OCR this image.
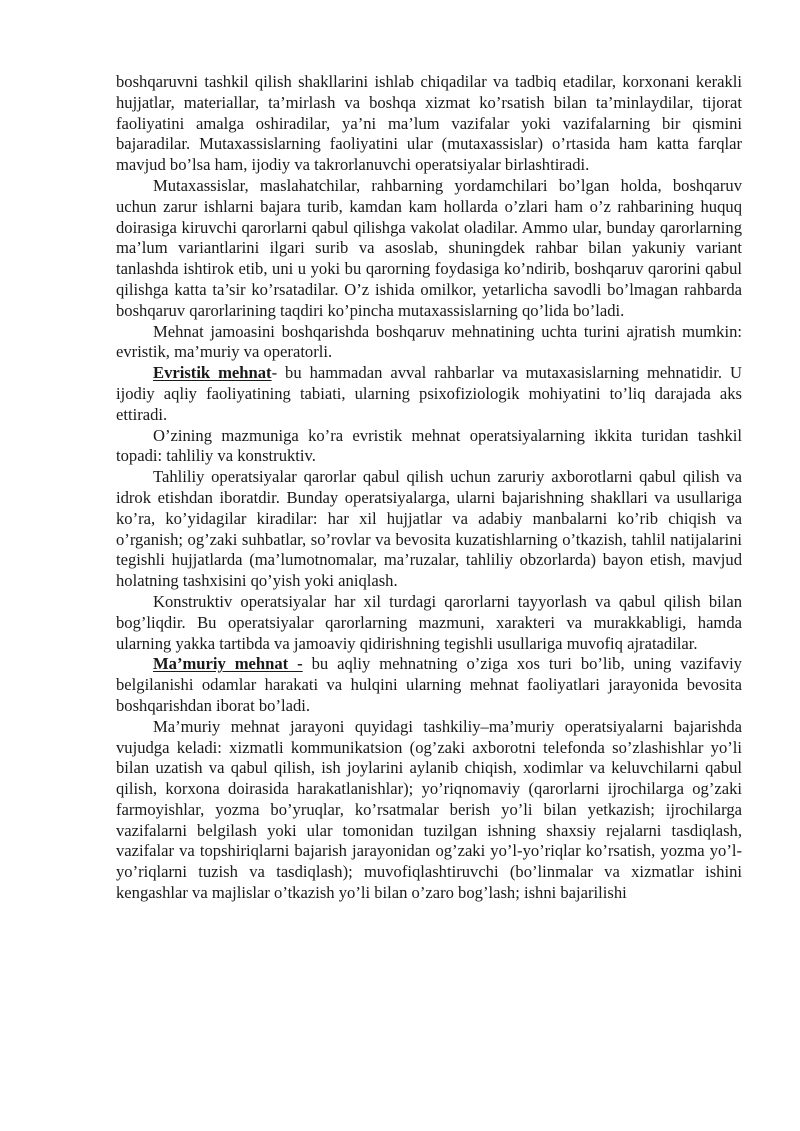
boshqaruvni tashkil qilish shakllarini ishlab chiqadilar va tadbiq etadilar, korxonani kerakli hujjatlar, materiallar, ta’mirlash va boshqa xizmat ko’rsatish bilan ta’minlaydilar, tijorat faoliyatini amalga oshiradilar, ya’ni ma’lum vazifalar yoki vazifalarning bir qismini bajaradilar. Mutaxassislarning faoliyatini ular (mutaxassislar) o’rtasida ham katta farqlar mavjud bo’lsa ham, ijodiy va takrorlanuvchi operatsiyalar birlashtiradi.

Mutaxassislar, maslahatchilar, rahbarning yordamchilari bo’lgan holda, boshqaruv uchun zarur ishlarni bajara turib, kamdan kam hollarda o’zlari ham o’z rahbarining huquq doirasiga kiruvchi qarorlarni qabul qilishga vakolat oladilar. Ammo ular, bunday qarorlarning ma’lum variantlarini ilgari surib va asoslab, shuningdek rahbar bilan yakuniy variant tanlashda ishtirok etib, uni u yoki bu qarorning foydasiga ko’ndirib, boshqaruv qarorini qabul qilishga katta ta’sir ko’rsatadilar. O’z ishida omilkor, yetarlicha savodli bo’lmagan rahbarda boshqaruv qarorlarining taqdiri ko’pincha mutaxassislarning qo’lida bo’ladi.

Mehnat jamoasini boshqarishda boshqaruv mehnatining uchta turini ajratish mumkin: evristik, ma’muriy va operatorli.

Evristik mehnat- bu hammadan avval rahbarlar va mutaxasislarning mehnatidir. U ijodiy aqliy faoliyatining tabiati, ularning psixofiziologik mohiyatini to’liq darajada aks ettiradi.

O’zining mazmuniga ko’ra evristik mehnat operatsiyalarning ikkita turidan tashkil topadi: tahliliy va konstruktiv.

Tahliliy operatsiyalar qarorlar qabul qilish uchun zaruriy axborotlarni qabul qilish va idrok etishdan iboratdir. Bunday operatsiyalarga, ularni bajarishning shakllari va usullariga ko’ra, ko’yidagilar kiradilar: har xil hujjatlar va adabiy manbalarni ko’rib chiqish va o’rganish; og’zaki suhbatlar, so’rovlar va bevosita kuzatishlarning o’tkazish, tahlil natijalarini tegishli hujjatlarda (ma’lumotnomalar, ma’ruzalar, tahliliy obzorlarda) bayon etish, mavjud holatning tashxisini qo’yish yoki aniqlash.

Konstruktiv operatsiyalar har xil turdagi qarorlarni tayyorlash va qabul qilish bilan bog’liqdir. Bu operatsiyalar qarorlarning mazmuni, xarakteri va murakkabligi, hamda ularning yakka tartibda va jamoaviy qidirishning tegishli usullariga muvofiq ajratadilar.

Ma’muriy mehnat - bu aqliy mehnatning o’ziga xos turi bo’lib, uning vazifaviy belgilanishi odamlar harakati va hulqini ularning mehnat faoliyatlari jarayonida bevosita boshqarishdan iborat bo’ladi.

Ma’muriy mehnat jarayoni quyidagi tashkiliy–ma’muriy operatsiyalarni bajarishda vujudga keladi: xizmatli kommunikatsion (og’zaki axborotni telefonda so’zlashishlar yo’li bilan uzatish va qabul qilish, ish joylarini aylanib chiqish, xodimlar va keluvchilarni qabul qilish, korxona doirasida harakatlanishlar); yo’riqnomaviy (qarorlarni ijrochilarga og’zaki farmoyishlar, yozma bo’yruqlar, ko’rsatmalar berish yo’li bilan yetkazish; ijrochilarga vazifalarni belgilash yoki ular tomonidan tuzilgan ishning shaxsiy rejalarni tasdiqlash, vazifalar va topshiriqlarni bajarish jarayonidan og’zaki yo’l-yo’riqlar ko’rsatish, yozma yo’l-yo’riqlarni tuzish va tasdiqlash); muvofiqlashtiruvchi (bo’linmalar va xizmatlar ishini kengashlar va majlislar o’tkazish yo’li bilan o’zaro bog’lash; ishni bajarilishi
